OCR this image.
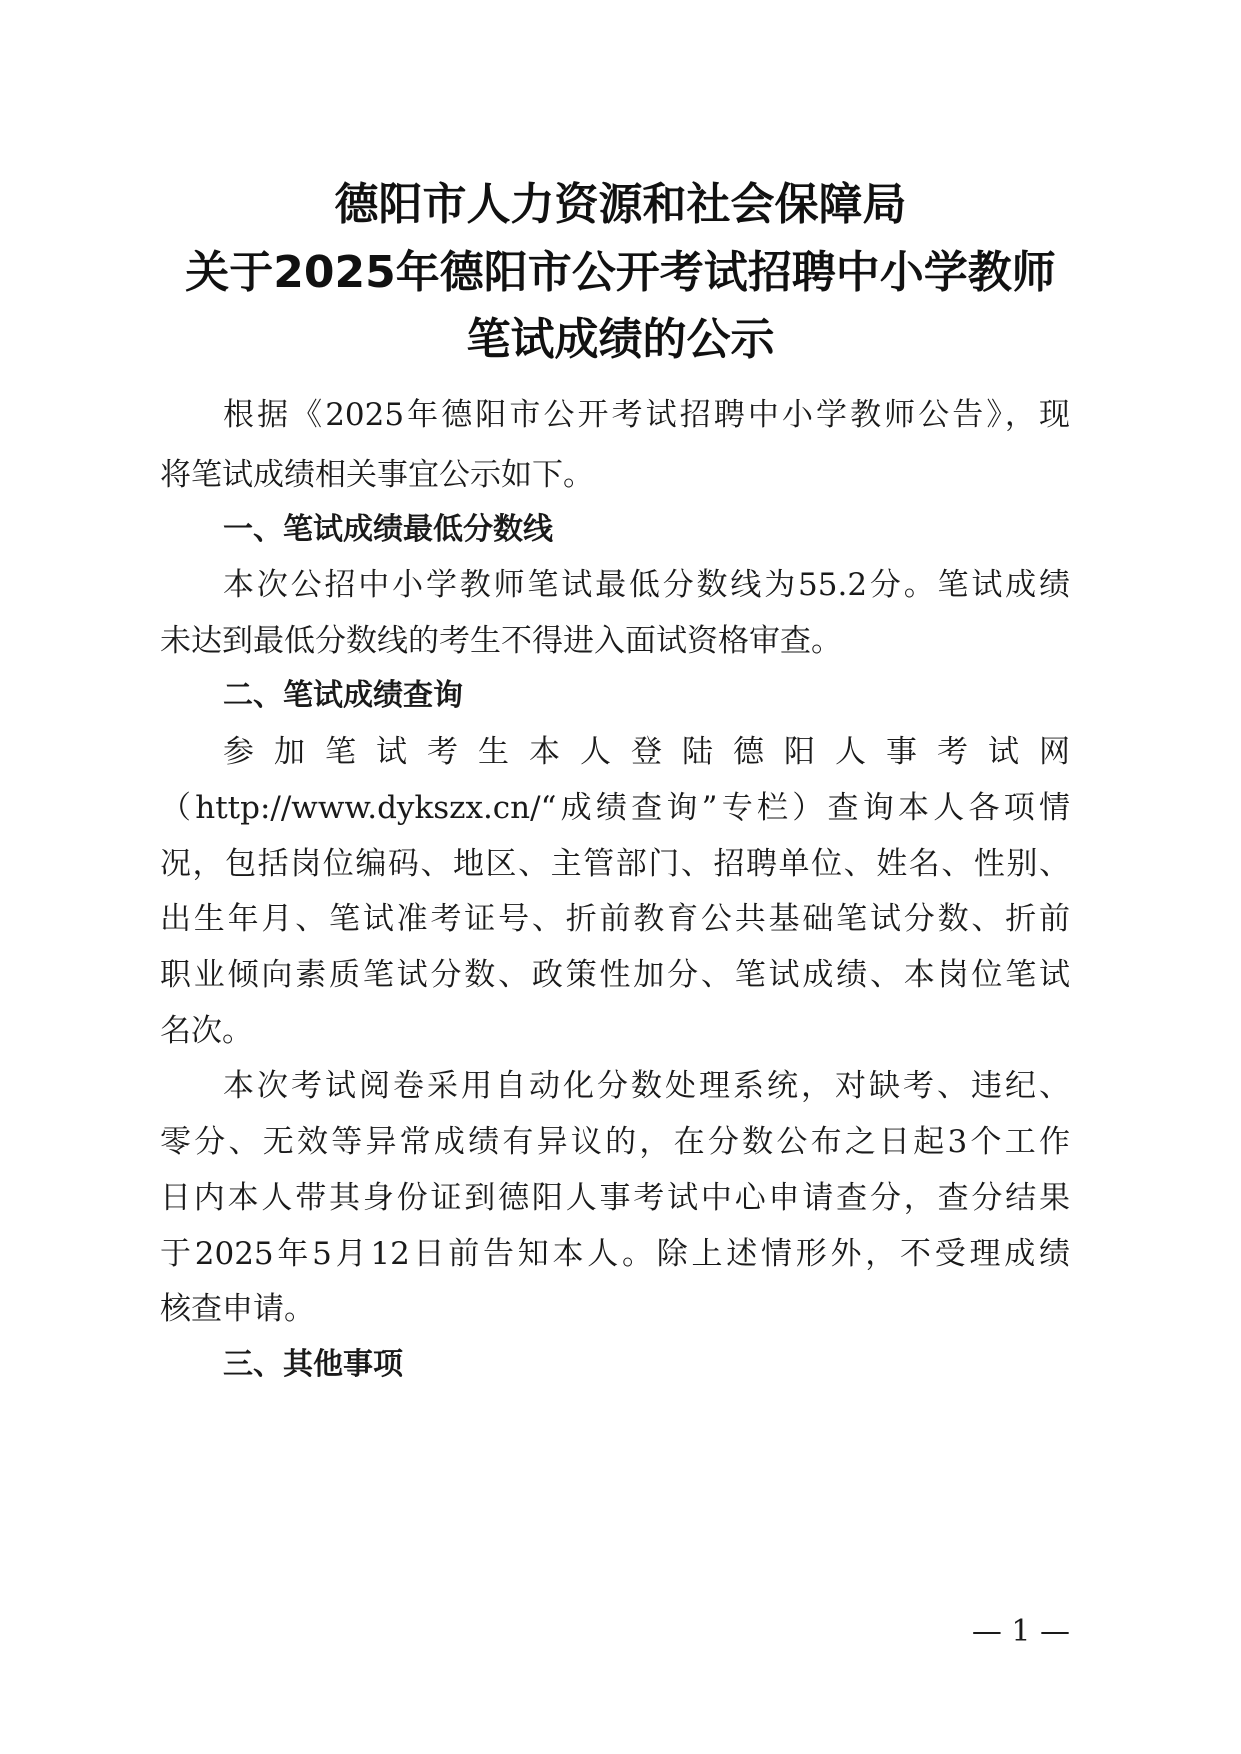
德阳市人力资源和社会保障局
关于2025年德阳市公开考试招聘中小学教师
笔试成绩的公示
根据《2025年德阳市公开考试招聘中小学教师公告》，现
将笔试成绩相关事宜公示如下。
一、笔试成绩最低分数线
本次公招中小学教师笔试最低分数线为55.2分。笔试成绩
未达到最低分数线的考生不得进入面试资格审查。
二、笔试成绩查询
参加笔试考生本人登陆德阳人事考试网
（http://www.dykszx.cn/“成绩查询”专栏）查询本人各项情
况，包括岗位编码、地区、主管部门、招聘单位、姓名、性别、
出生年月、笔试准考证号、折前教育公共基础笔试分数、折前
职业倾向素质笔试分数、政策性加分、笔试成绩、本岗位笔试
名次。
本次考试阅卷采用自动化分数处理系统，对缺考、违纪、
零分、无效等异常成绩有异议的，在分数公布之日起3个工作
日内本人带其身份证到德阳人事考试中心申请查分，查分结果
于2025年5月12日前告知本人。除上述情形外，不受理成绩
核查申请。
三、其他事项
— 1 —
